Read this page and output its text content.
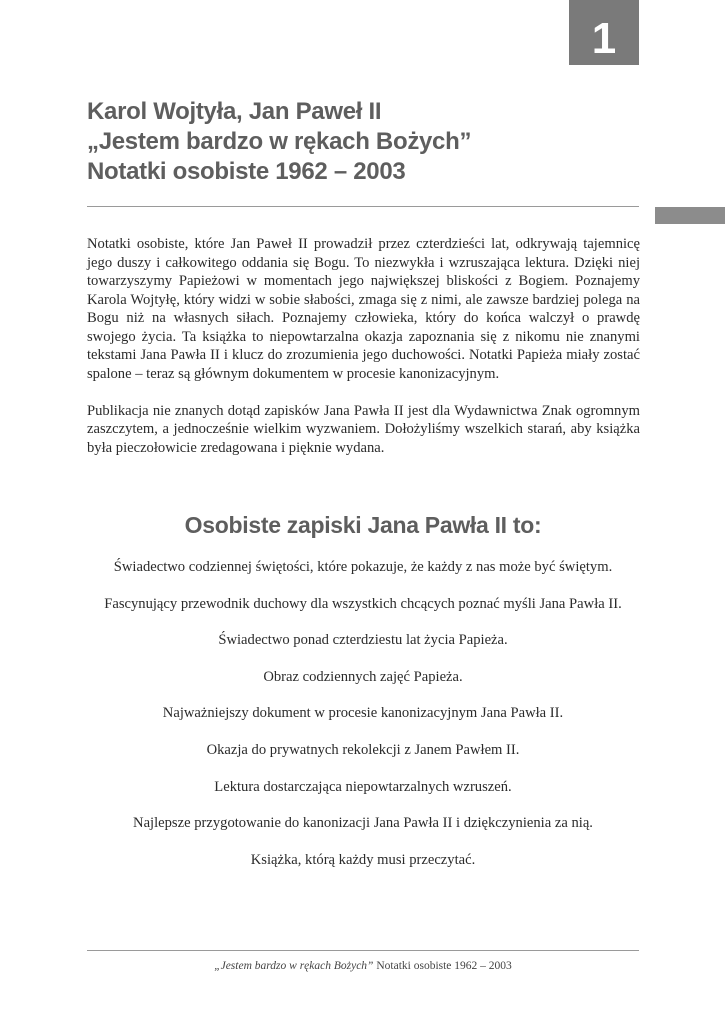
1
Karol Wojtyła, Jan Paweł II
„Jestem bardzo w rękach Bożych”
Notatki osobiste 1962 – 2003

Notatki osobiste, które Jan Paweł II prowadził przez czterdzieści lat, odkrywają tajemnicę jego duszy i całkowitego oddania się Bogu. To niezwykła i wzruszająca lektura. Dzięki niej towarzyszymy Papieżowi w momentach jego największej bliskości z Bogiem. Poznajemy Karola Wojtyłę, który widzi w sobie słabości, zmaga się z nimi, ale zawsze bardziej polega na Bogu niż na własnych siłach. Poznajemy człowieka, który do końca walczył o prawdę swojego życia. Ta książka to niepowtarzalna okazja zapoznania się z nikomu nie znanymi tekstami Jana Pawła II i klucz do zrozumienia jego duchowości. Notatki Papieża miały zostać spalone – teraz są głównym dokumentem w procesie kanonizacyjnym.

Publikacja nie znanych dotąd zapisków Jana Pawła II jest dla Wydawnictwa Znak ogromnym zaszczytem, a jednocześnie wielkim wyzwaniem. Dołożyliśmy wszelkich starań, aby książka była pieczołowicie zredagowana i pięknie wydana.

Osobiste zapiski Jana Pawła II to:
Świadectwo codziennej świętości, które pokazuje, że każdy z nas może być świętym.
Fascynujący przewodnik duchowy dla wszystkich chcących poznać myśli Jana Pawła II.
Świadectwo ponad czterdziestu lat życia Papieża.
Obraz codziennych zajęć Papieża.
Najważniejszy dokument w procesie kanonizacyjnym Jana Pawła II.
Okazja do prywatnych rekolekcji z Janem Pawłem II.
Lektura dostarczająca niepowtarzalnych wzruszeń.
Najlepsze przygotowanie do kanonizacji Jana Pawła II i dziękczynienia za nią.
Książka, którą każdy musi przeczytać.
„Jestem bardzo w rękach Bożych” Notatki osobiste 1962 – 2003
